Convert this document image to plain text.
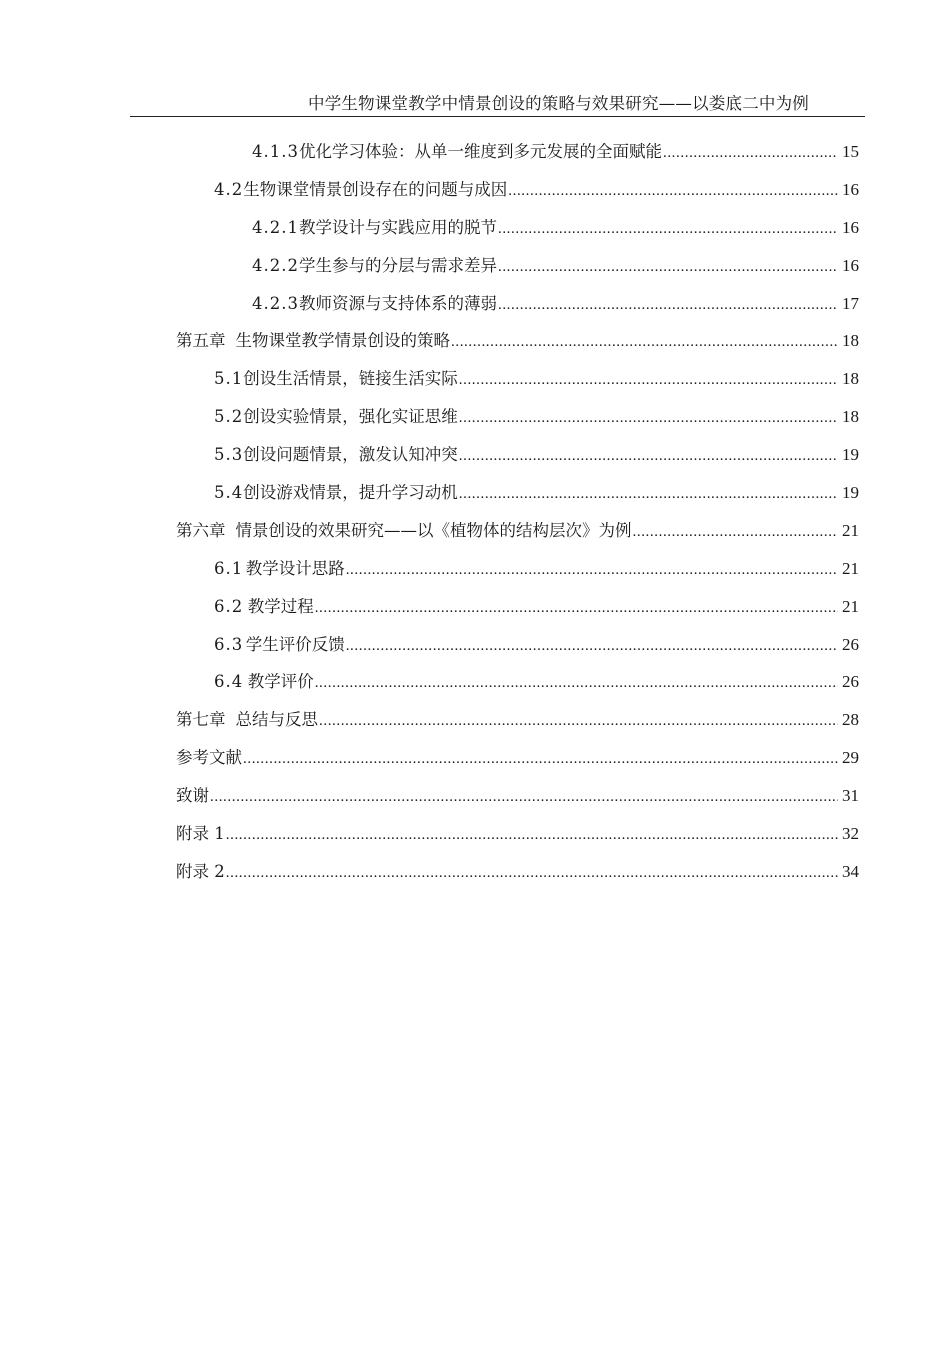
中学生物课堂教学中情景创设的策略与效果研究——以娄底二中为例
4.1.3 优化学习体验：从单一维度到多元发展的全面赋能 .....	15
4.2 生物课堂情景创设存在的问题与成因 .....	16
4.2.1 教学设计与实践应用的脱节 .....	16
4.2.2 学生参与的分层与需求差异 .....	16
4.2.3 教师资源与支持体系的薄弱 .....	17
第五章 生物课堂教学情景创设的策略 .....	18
5.1 创设生活情景，链接生活实际 .....	18
5.2 创设实验情景，强化实证思维 .....	18
5.3 创设问题情景，激发认知冲突 .....	19
5.4 创设游戏情景，提升学习动机 .....	19
第六章 情景创设的效果研究——以《植物体的结构层次》为例 .....	21
6.1 教学设计思路 .....	21
6.2 教学过程 .....	21
6.3 学生评价反馈 .....	26
6.4 教学评价 .....	26
第七章 总结与反思 .....	28
参考文献 .....	29
致谢 .....	31
附录 1 .....	32
附录 2 .....	34
